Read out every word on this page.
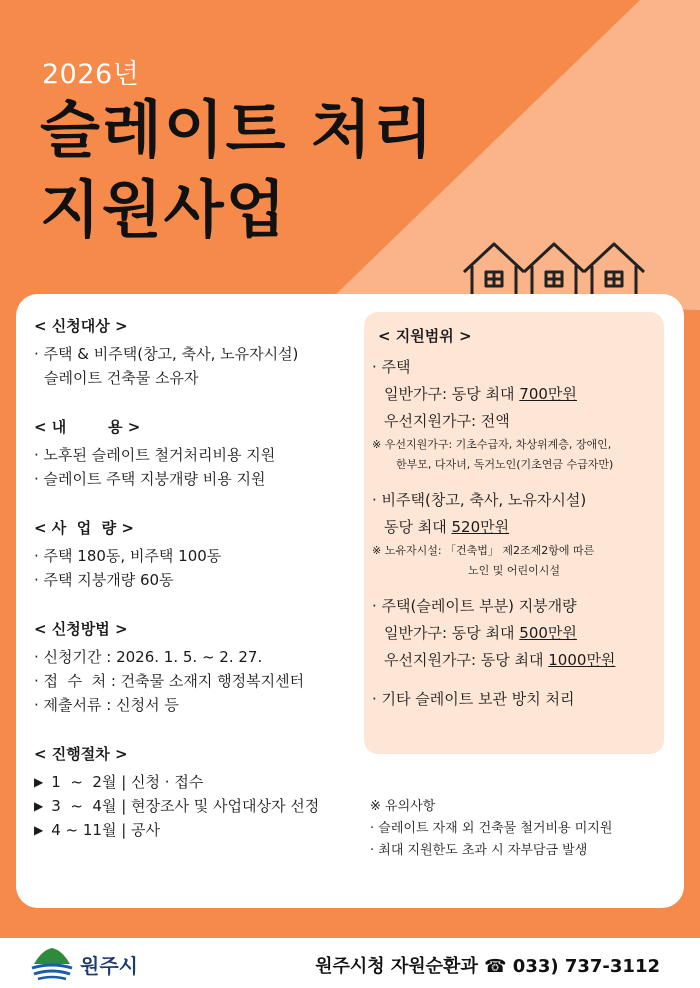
2026년
슬레이트 처리
지원사업
< 신청대상 >
· 주택 & 비주택(창고, 축사, 노유자시설)
슬레이트 건축물 소유자
< 내        용 >
· 노후된 슬레이트 철거처리비용 지원
· 슬레이트 주택 지붕개량 비용 지원
< 사  업  량 >
· 주택 180동, 비주택 100동
· 주택 지붕개량 60동
< 신청방법 >
· 신청기간 : 2026. 1. 5. ~ 2. 27.
· 접  수  처 : 건축물 소재지 행정복지센터
· 제출서류 : 신청서 등
< 진행절차 >
▶ 1  ~  2월 | 신청 · 접수
▶ 3  ~  4월 | 현장조사 및 사업대상자 선정
▶ 4 ~ 11월 | 공사
< 지원범위 >
· 주택
일반가구: 동당 최대 700만원
우선지원가구: 전액
※ 우선지원가구: 기초수급자, 차상위계층, 장애인,
한부모, 다자녀, 독거노인(기초연금 수급자만)
· 비주택(창고, 축사, 노유자시설)
동당 최대 520만원
※ 노유자시설: 「건축법」 제2조제2항에 따른
노인 및 어린이시설
· 주택(슬레이트 부분) 지붕개량
일반가구: 동당 최대 500만원
우선지원가구: 동당 최대 1000만원
· 기타 슬레이트 보관 방치 처리
※ 유의사항
· 슬레이트 자재 외 건축물 철거비용 미지원
· 최대 지원한도 초과 시 자부담금 발생
원주시	원주시청 자원순환과 ☎ 033) 737-3112
